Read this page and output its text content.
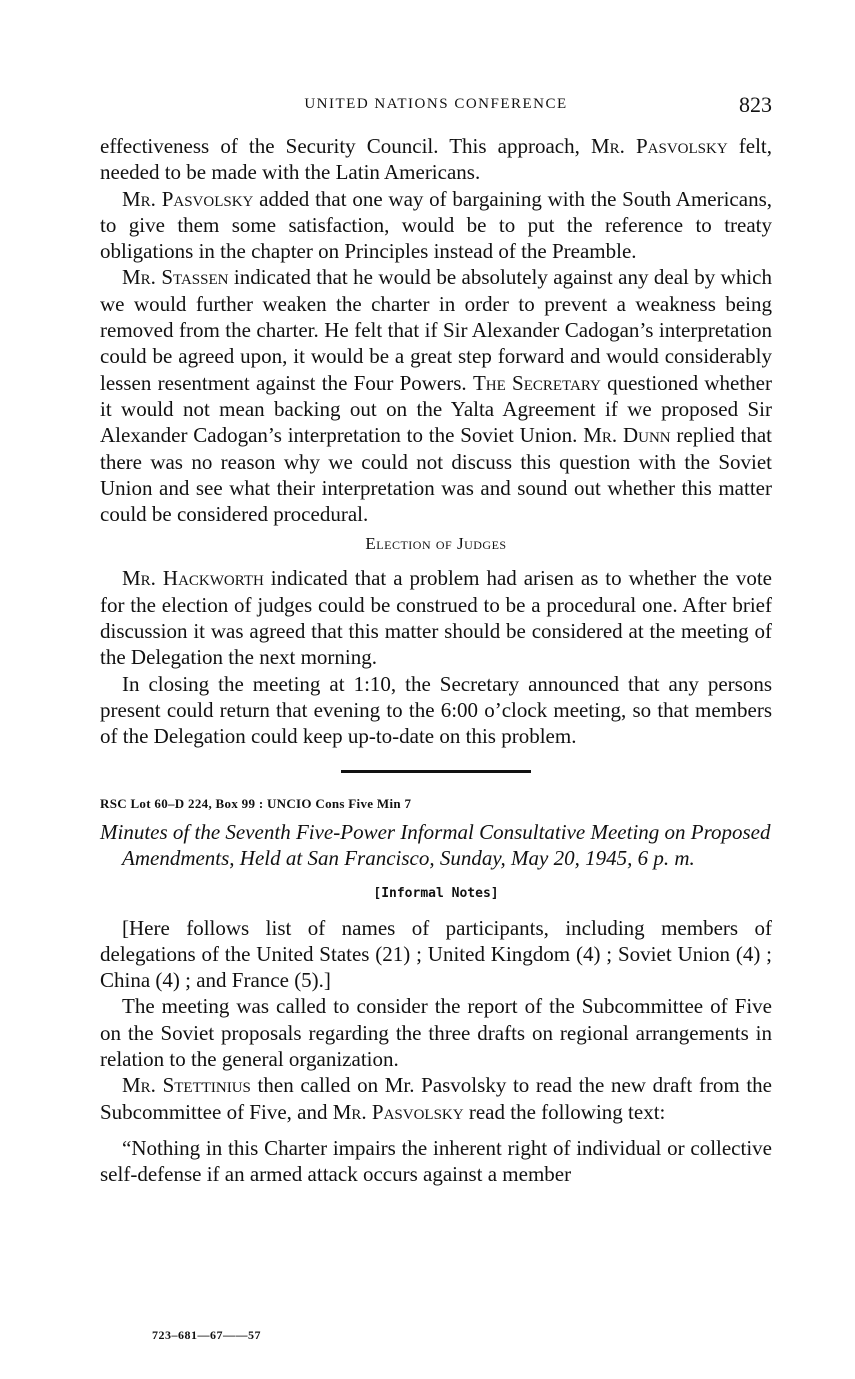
UNITED NATIONS CONFERENCE	823

effectiveness of the Security Council. This approach, Mr. Pasvolsky felt, needed to be made with the Latin Americans.

Mr. Pasvolsky added that one way of bargaining with the South Americans, to give them some satisfaction, would be to put the reference to treaty obligations in the chapter on Principles instead of the Preamble.

Mr. Stassen indicated that he would be absolutely against any deal by which we would further weaken the charter in order to prevent a weakness being removed from the charter. He felt that if Sir Alexander Cadogan’s interpretation could be agreed upon, it would be a great step forward and would considerably lessen resentment against the Four Powers. The Secretary questioned whether it would not mean backing out on the Yalta Agreement if we proposed Sir Alexander Cadogan’s interpretation to the Soviet Union. Mr. Dunn replied that there was no reason why we could not discuss this question with the Soviet Union and see what their interpretation was and sound out whether this matter could be considered procedural.

Election of Judges

Mr. Hackworth indicated that a problem had arisen as to whether the vote for the election of judges could be construed to be a procedural one. After brief discussion it was agreed that this matter should be considered at the meeting of the Delegation the next morning.

In closing the meeting at 1:10, the Secretary announced that any persons present could return that evening to the 6:00 o’clock meeting, so that members of the Delegation could keep up-to-date on this problem.

RSC Lot 60–D 224, Box 99 : UNCIO Cons Five Min 7
Minutes of the Seventh Five-Power Informal Consultative Meeting on Proposed Amendments, Held at San Francisco, Sunday, May 20, 1945, 6 p. m.
[Informal Notes]

[Here follows list of names of participants, including members of delegations of the United States (21) ; United Kingdom (4) ; Soviet Union (4) ; China (4) ; and France (5).]

The meeting was called to consider the report of the Subcommittee of Five on the Soviet proposals regarding the three drafts on regional arrangements in relation to the general organization.

Mr. Stettinius then called on Mr. Pasvolsky to read the new draft from the Subcommittee of Five, and Mr. Pasvolsky read the following text:

“Nothing in this Charter impairs the inherent right of individual or collective self-defense if an armed attack occurs against a member

723–681—67——57
